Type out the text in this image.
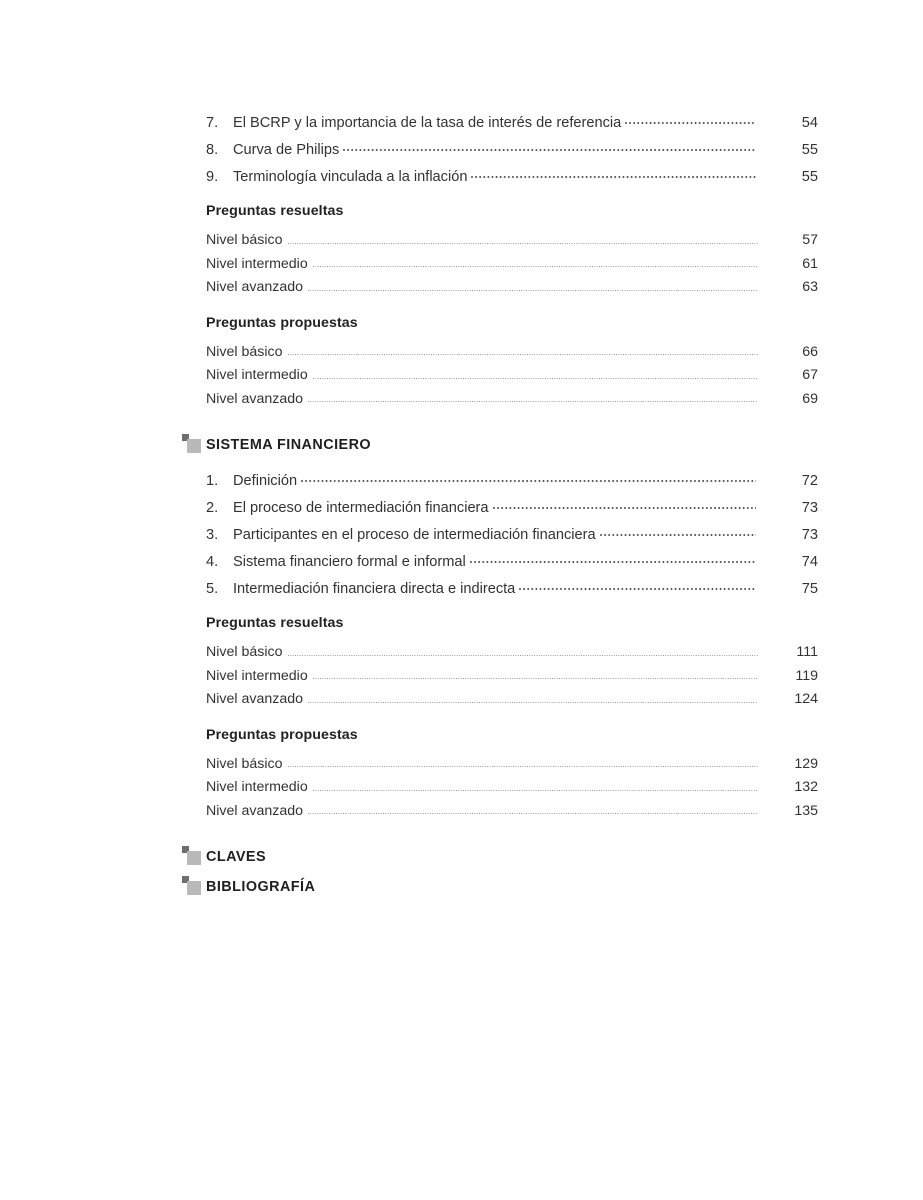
7.	El BCRP y la importancia de la tasa de interés de referencia	54
8.	Curva de Philips	55
9.	Terminología vinculada a la inflación	55
Preguntas resueltas
Nivel básico	57
Nivel intermedio	61
Nivel avanzado	63
Preguntas propuestas
Nivel básico	66
Nivel intermedio	67
Nivel avanzado	69
SISTEMA FINANCIERO
1.	Definición	72
2.	El proceso de intermediación financiera	73
3.	Participantes en el proceso de intermediación financiera	73
4.	Sistema financiero formal e informal	74
5.	Intermediación financiera directa e indirecta	75
Preguntas resueltas
Nivel básico	111
Nivel intermedio	119
Nivel avanzado	124
Preguntas propuestas
Nivel básico	129
Nivel intermedio	132
Nivel avanzado	135
CLAVES
BIBLIOGRAFÍA
